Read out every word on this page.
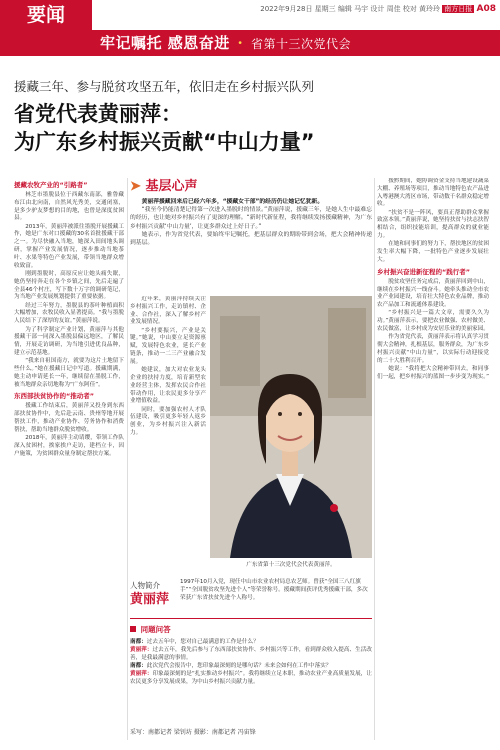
要闻	2022年9月28日 星期三 编辑 马宇 设计 周佳 校对 黄玲玲 南方日报 A08
牢记嘱托 感恩奋进 · 省第十三次党代会
援藏三年、参与脱贫攻坚五年，依旧走在乡村振兴队列
省党代表黄丽萍：
为广东乡村振兴贡献“中山力量”
援藏农牧产业的“引路者”

林芝市墨脱县位于西藏东南部，雅鲁藏布江由北向南，自然风光秀美，交通闭塞，是多少驴友梦想的目的地，也曾是深度贫困县。

2013年，黄丽萍被派往墨脱开展援藏工作，她是广东对口援藏的30名首批援藏干部之一。为尽快融入当地，她深入田间地头调研，掌握产业发展情况，逐步推动当地茶叶、水果等特色产业发展，带领当地群众增收致富。

刚到墨脱时，高原反应让她头痛失眠，她仍坚持奔走在各个乡镇之间，先后走遍了全县46个村庄，写下数十万字的调研笔记，为当地产业发展规划提供了重要依据。

经过三年努力，墨脱县的茶叶种植面积大幅增加，农牧民收入显著提高。“我与墨脱人民结下了深厚的友谊。”黄丽萍说。

为了科学制定产业计划，黄丽萍与其他援藏干部一同深入墨脱县偏远地区，了解民情，开展走访调研，为当地引进优良品种，建立示范基地。

“我来自祖国南方，就要为这片土地留下些什么。”她在援藏日记中写道。援藏期满，她主动申请延长一年，继续留在墨脱工作，被当地群众亲切地称为“广东阿佳”。

东西部扶贫协作的“推动者”

援藏工作结束后，黄丽萍又投身到东西部扶贫协作中，先后赴云南、贵州等地开展帮扶工作，推动产业协作、劳务协作和消费帮扶，帮助当地群众脱贫增收。

2018年，黄丽萍主动请缨，带领工作队深入贫困村，挨家挨户走访，建档立卡，因户施策，为贫困群众量身制定帮扶方案。

➤ 基层心声

黄丽萍援藏回来后已经六年多，“援藏女干部”的经历仍让她记忆犹新。

“我至今仍能清楚记得第一次进入墨脱时的情景。”黄丽萍说，援藏三年，是她人生中最难忘的经历，也让她对乡村振兴有了更深的理解。“新时代新征程，我将继续发扬援藏精神，为广东乡村振兴贡献‘中山力量’，让更多群众过上好日子。”

她表示，作为省党代表，要始终牢记嘱托，把基层群众的期盼带到会场，把大会精神传递到基层。

近年来，黄丽萍持续关注乡村振兴工作，走访镇村、企业、合作社，深入了解乡村产业发展情况。

“乡村要振兴，产业是关键。”她说，中山要立足资源禀赋，发展特色农业，延长产业链条，推动一二三产业融合发展。

她建议，加大对农业龙头企业的扶持力度，培育新型农业经营主体，发挥农民合作社带动作用，让农民更多分享产业增值收益。

同时，要加强农村人才队伍建设，吸引更多年轻人返乡创业，为乡村振兴注入新活力。

广东省第十三次党代会代表黄丽萍。
人物简介
黄丽萍
1997年10月入党，现任中山市农业农村局总农艺师。曾获“全国三八红旗手”“全国脱贫攻坚先进个人”等荣誉称号。援藏期间获评优秀援藏干部，多次荣获广东省扶贫先进个人称号。
同题问答

南都：过去五年中，您对自己最满意的工作是什么？

黄丽萍：过去五年，我先后参与了东西部扶贫协作、乡村振兴等工作，看到群众收入提高、生活改善，是我最满意的事情。

南都：此次党代会报告中，您印象最深刻的是哪句话？未来会如何在工作中落实？

黄丽萍：印象最深刻的是“扎实推动乡村振兴”。我将继续立足本职，推动农业产业高质量发展，让农民更多分享发展成果，为中山乡村振兴贡献力量。

采写：南都记者 梁钊坊 摄影：南都记者 冯宙锋

援黔期间，她协调资金支持当地建设蔬菜大棚、养殖场等项目，推动当地特色农产品进入粤港澳大湾区市场，带动数千名群众稳定增收。

“扶贫不是一阵风，要真正帮助群众掌握致富本领。”黄丽萍说，她坚持扶贫与扶志扶智相结合，组织技能培训，提高群众的就业能力。

在她和同事们的努力下，帮扶地区的贫困发生率大幅下降，一批特色产业逐步发展壮大。

乡村振兴奋进新征程的“践行者”

脱贫攻坚任务完成后，黄丽萍回到中山，继续在乡村振兴一线奋斗。她牵头推动全市农业产业园建设，培育壮大特色农业品牌，推动农产品加工和流通体系建设。

“乡村振兴是一篇大文章，需要久久为功。”黄丽萍表示，要把农业做强、农村做美、农民做富，让乡村成为安居乐业的美丽家园。

作为省党代表，黄丽萍表示将认真学习贯彻大会精神，扎根基层，服务群众，为广东乡村振兴贡献“中山力量”，以实际行动迎接党的二十大胜利召开。

她说：“我将把大会精神带回去，和同事们一起，把乡村振兴的蓝图一步步变为现实。”
